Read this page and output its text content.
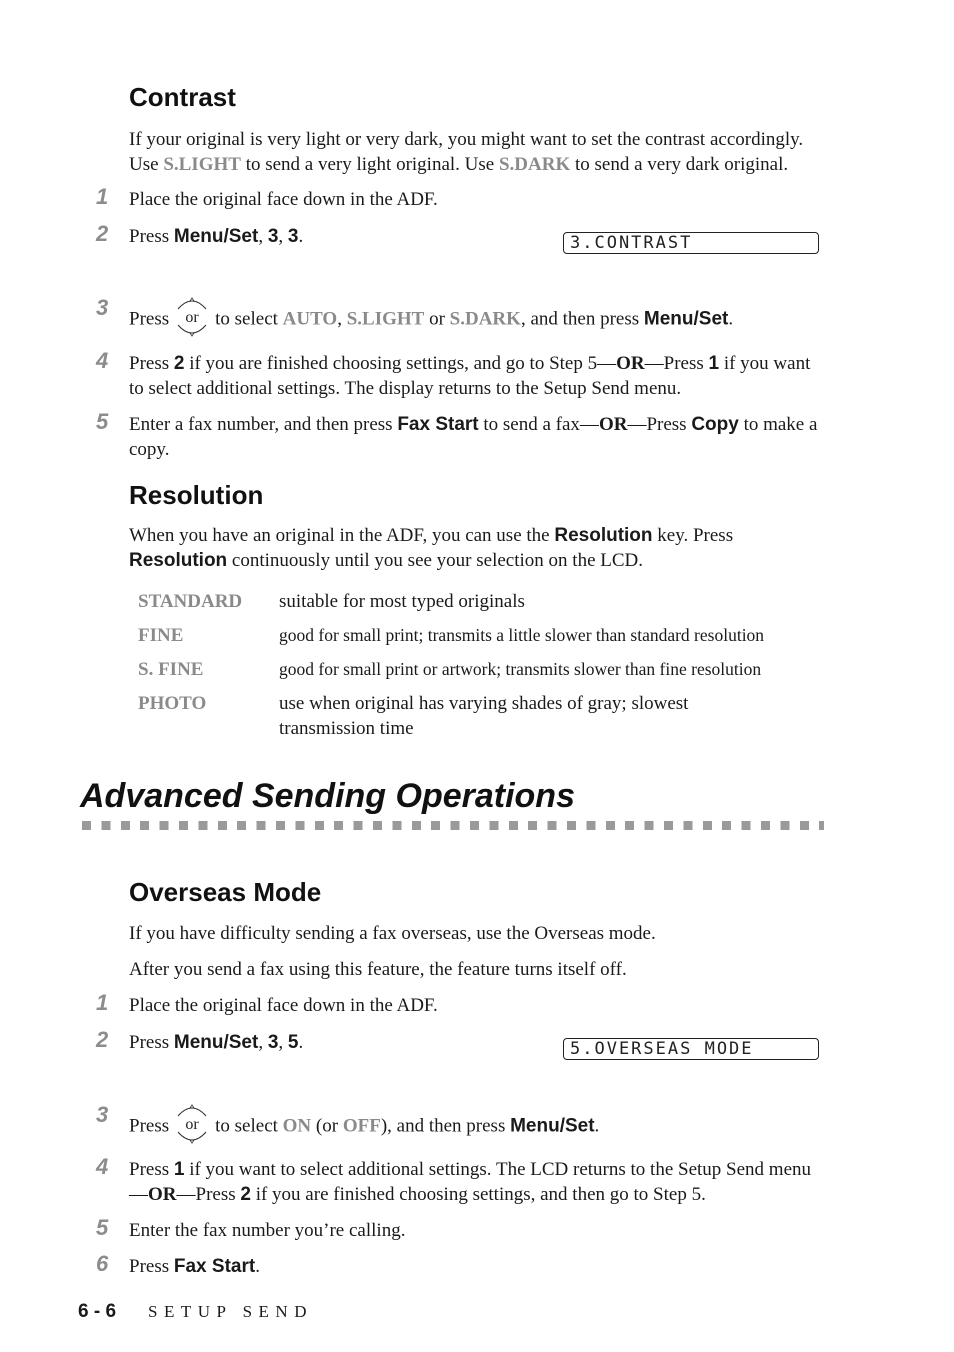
Contrast
If your original is very light or very dark, you might want to set the contrast accordingly. Use S.LIGHT to send a very light original. Use S.DARK to send a very dark original.
1	Place the original face down in the ADF.
2	Press Menu/Set, 3, 3.	3.CONTRAST
3	Press or to select AUTO, S.LIGHT or S.DARK, and then press Menu/Set.
4	Press 2 if you are finished choosing settings, and go to Step 5—OR—Press 1 if you want to select additional settings. The display returns to the Setup Send menu.
5	Enter a fax number, and then press Fax Start to send a fax—OR—Press Copy to make a copy.
Resolution
When you have an original in the ADF, you can use the Resolution key. Press Resolution continuously until you see your selection on the LCD.
STANDARD suitable for most typed originals
FINE	good for small print; transmits a little slower than standard resolution
S. FINE	good for small print or artwork; transmits slower than fine resolution
PHOTO	use when original has varying shades of gray; slowest transmission time
Advanced Sending Operations
Overseas Mode
If you have difficulty sending a fax overseas, use the Overseas mode.
After you send a fax using this feature, the feature turns itself off.
1	Place the original face down in the ADF.
2	Press Menu/Set, 3, 5.	5.OVERSEAS MODE
3	Press or to select ON (or OFF), and then press Menu/Set.
4	Press 1 if you want to select additional settings. The LCD returns to the Setup Send menu—OR—Press 2 if you are finished choosing settings, and then go to Step 5.
5	Enter the fax number you’re calling.
6	Press Fax Start.
6 - 6 SETUP SEND
